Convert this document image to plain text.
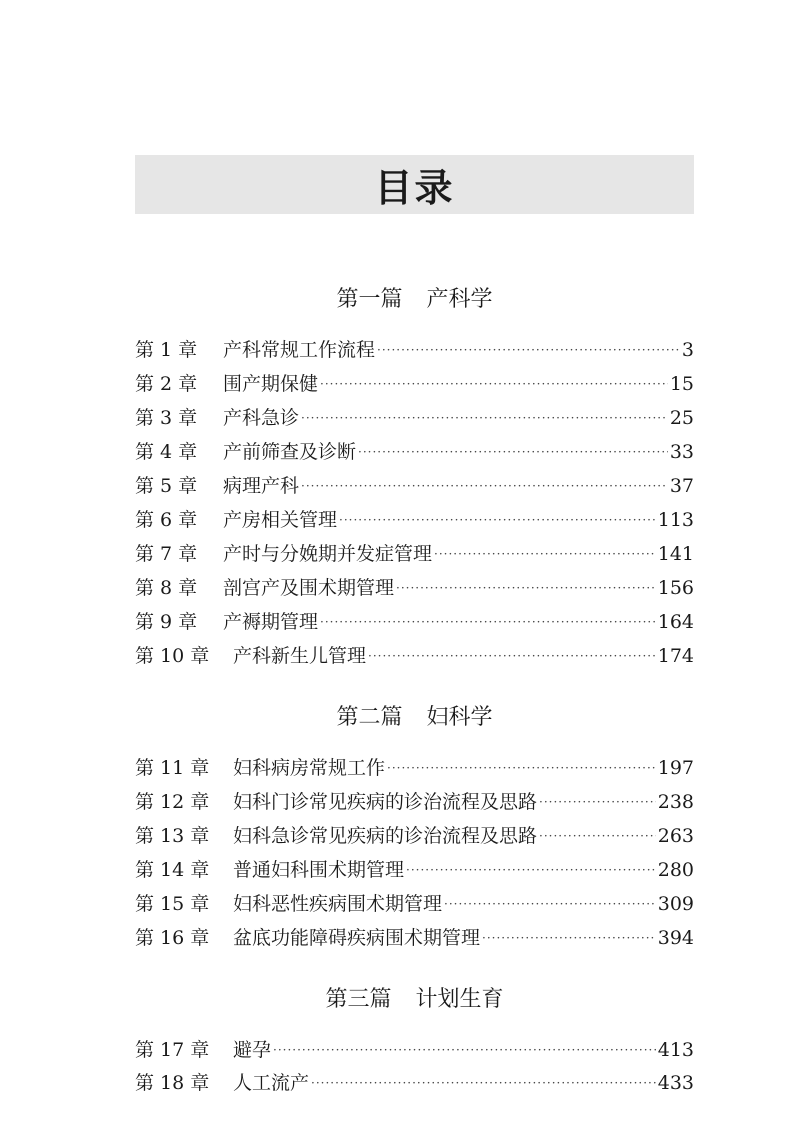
目录
第一篇 产科学
第 1 章	产科常规工作流程 ·····	3
第 2 章	围产期保健 ·····	15
第 3 章	产科急诊 ·····	25
第 4 章	产前筛查及诊断 ·····	33
第 5 章	病理产科 ·····	37
第 6 章	产房相关管理 ·····	113
第 7 章	产时与分娩期并发症管理 ·····	141
第 8 章	剖宫产及围术期管理 ·····	156
第 9 章	产褥期管理 ·····	164
第 10 章	产科新生儿管理 ·····	174
第二篇 妇科学
第 11 章	妇科病房常规工作 ·····	197
第 12 章	妇科门诊常见疾病的诊治流程及思路 ·····	238
第 13 章	妇科急诊常见疾病的诊治流程及思路 ·····	263
第 14 章	普通妇科围术期管理 ·····	280
第 15 章	妇科恶性疾病围术期管理 ·····	309
第 16 章	盆底功能障碍疾病围术期管理 ·····	394
第三篇 计划生育
第 17 章	避孕 ·····	413
第 18 章	人工流产 ·····	433
